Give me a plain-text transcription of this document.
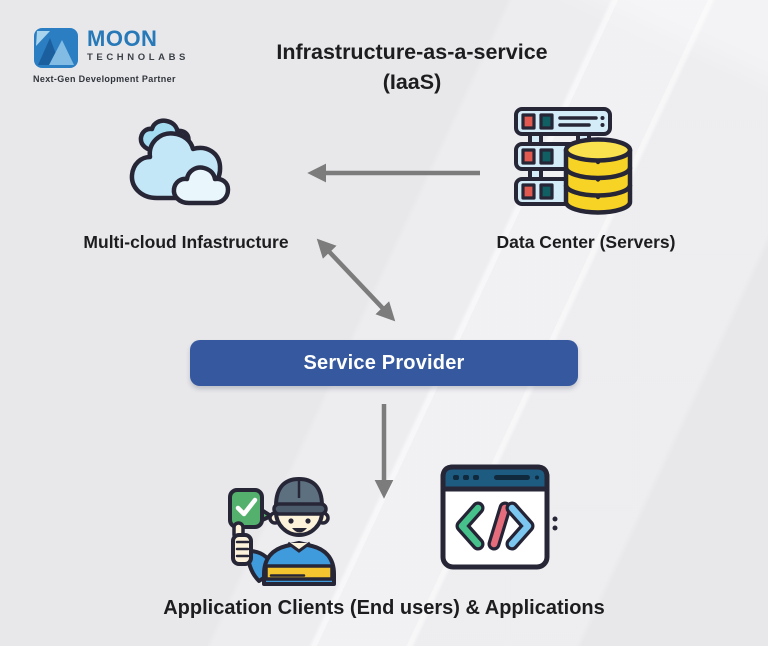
MOON
TECHNOLABS
Next-Gen Development Partner
Infrastructure-as-a-service
(IaaS)
Multi-cloud Infastructure	Data Center (Servers)
Service Provider
Application Clients (End users) & Applications
